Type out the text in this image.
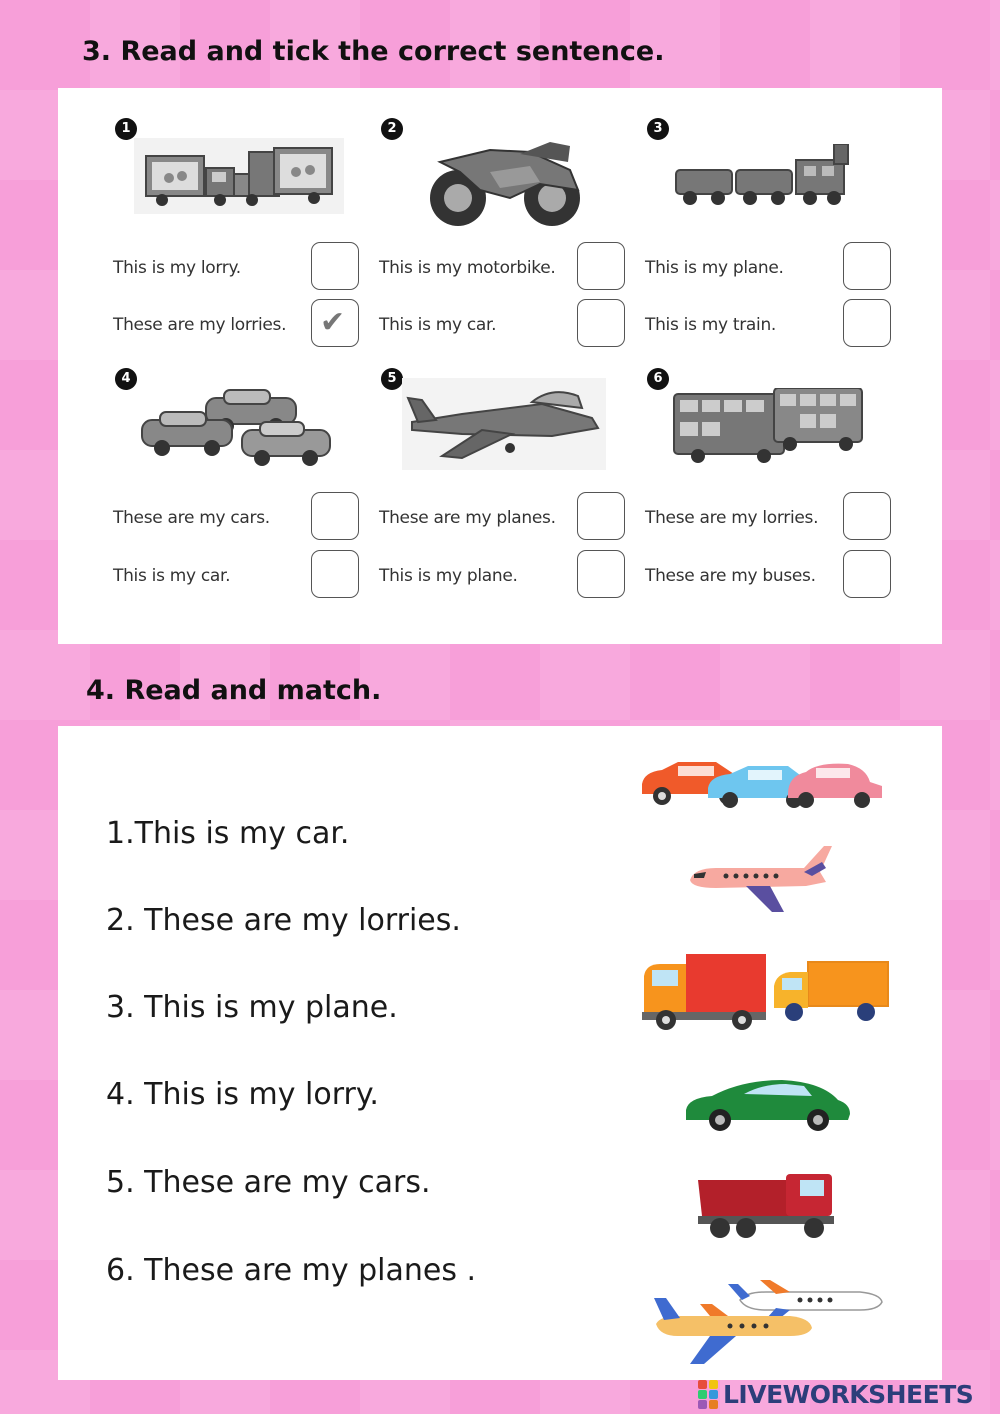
3. Read and tick the correct sentence.
1
This is my lorry.
These are my lorries. ✔
2
This is my motorbike.
This is my car.
3
This is my plane.
This is my train.
4
These are my cars.
This is my car.
5
These are my planes.
This is my plane.
6
These are my lorries.
These are my buses.
4. Read and match.
1.This is my car.
2. These are my lorries.
3. This is my plane.
4. This is my lorry.
5. These are my cars.
6. These are my planes .
LIVEWORKSHEETS
